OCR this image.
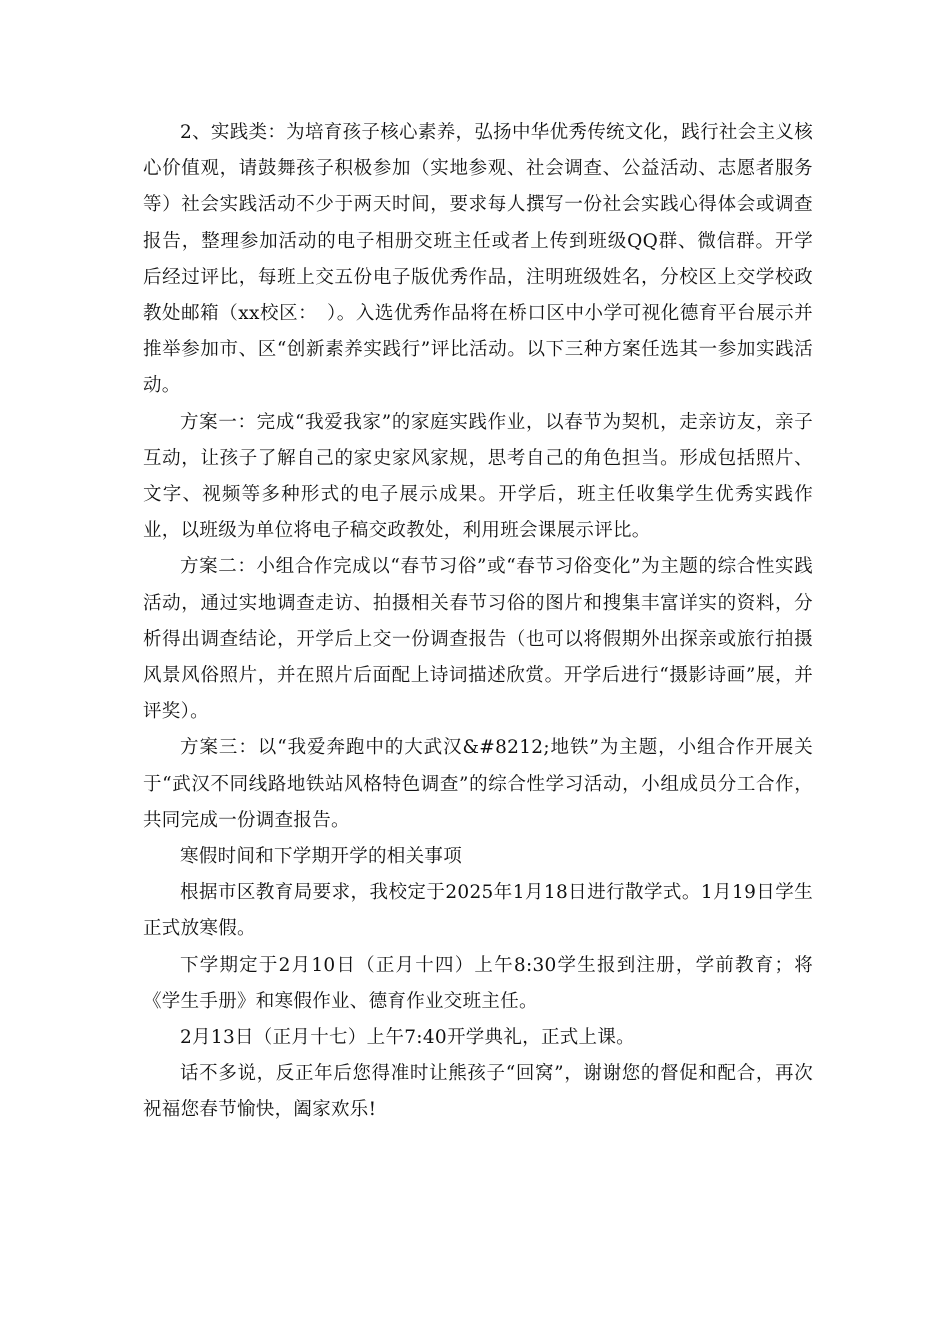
2、实践类：为培育孩子核心素养，弘扬中华优秀传统文化，践行社会主义核心价值观，请鼓舞孩子积极参加（实地参观、社会调查、公益活动、志愿者服务等）社会实践活动不少于两天时间，要求每人撰写一份社会实践心得体会或调查报告，整理参加活动的电子相册交班主任或者上传到班级QQ群、微信群。开学后经过评比，每班上交五份电子版优秀作品，注明班级姓名，分校区上交学校政教处邮箱（xx校区：　）。入选优秀作品将在桥口区中小学可视化德育平台展示并推举参加市、区“创新素养实践行”评比活动。以下三种方案任选其一参加实践活动。

方案一：完成“我爱我家”的家庭实践作业，以春节为契机，走亲访友，亲子互动，让孩子了解自己的家史家风家规，思考自己的角色担当。形成包括照片、文字、视频等多种形式的电子展示成果。开学后，班主任收集学生优秀实践作业，以班级为单位将电子稿交政教处，利用班会课展示评比。

方案二：小组合作完成以“春节习俗”或“春节习俗变化”为主题的综合性实践活动，通过实地调查走访、拍摄相关春节习俗的图片和搜集丰富详实的资料，分析得出调查结论，开学后上交一份调查报告（也可以将假期外出探亲或旅行拍摄风景风俗照片，并在照片后面配上诗词描述欣赏。开学后进行“摄影诗画”展，并评奖）。

方案三：以“我爱奔跑中的大武汉&#8212;地铁”为主题，小组合作开展关于“武汉不同线路地铁站风格特色调查”的综合性学习活动，小组成员分工合作，共同完成一份调查报告。

寒假时间和下学期开学的相关事项

根据市区教育局要求，我校定于2025年1月18日进行散学式。1月19日学生正式放寒假。

下学期定于2月10日（正月十四）上午8:30学生报到注册，学前教育；将《学生手册》和寒假作业、德育作业交班主任。

2月13日（正月十七）上午7:40开学典礼，正式上课。

话不多说，反正年后您得准时让熊孩子“回窝”，谢谢您的督促和配合，再次祝福您春节愉快，阖家欢乐!
